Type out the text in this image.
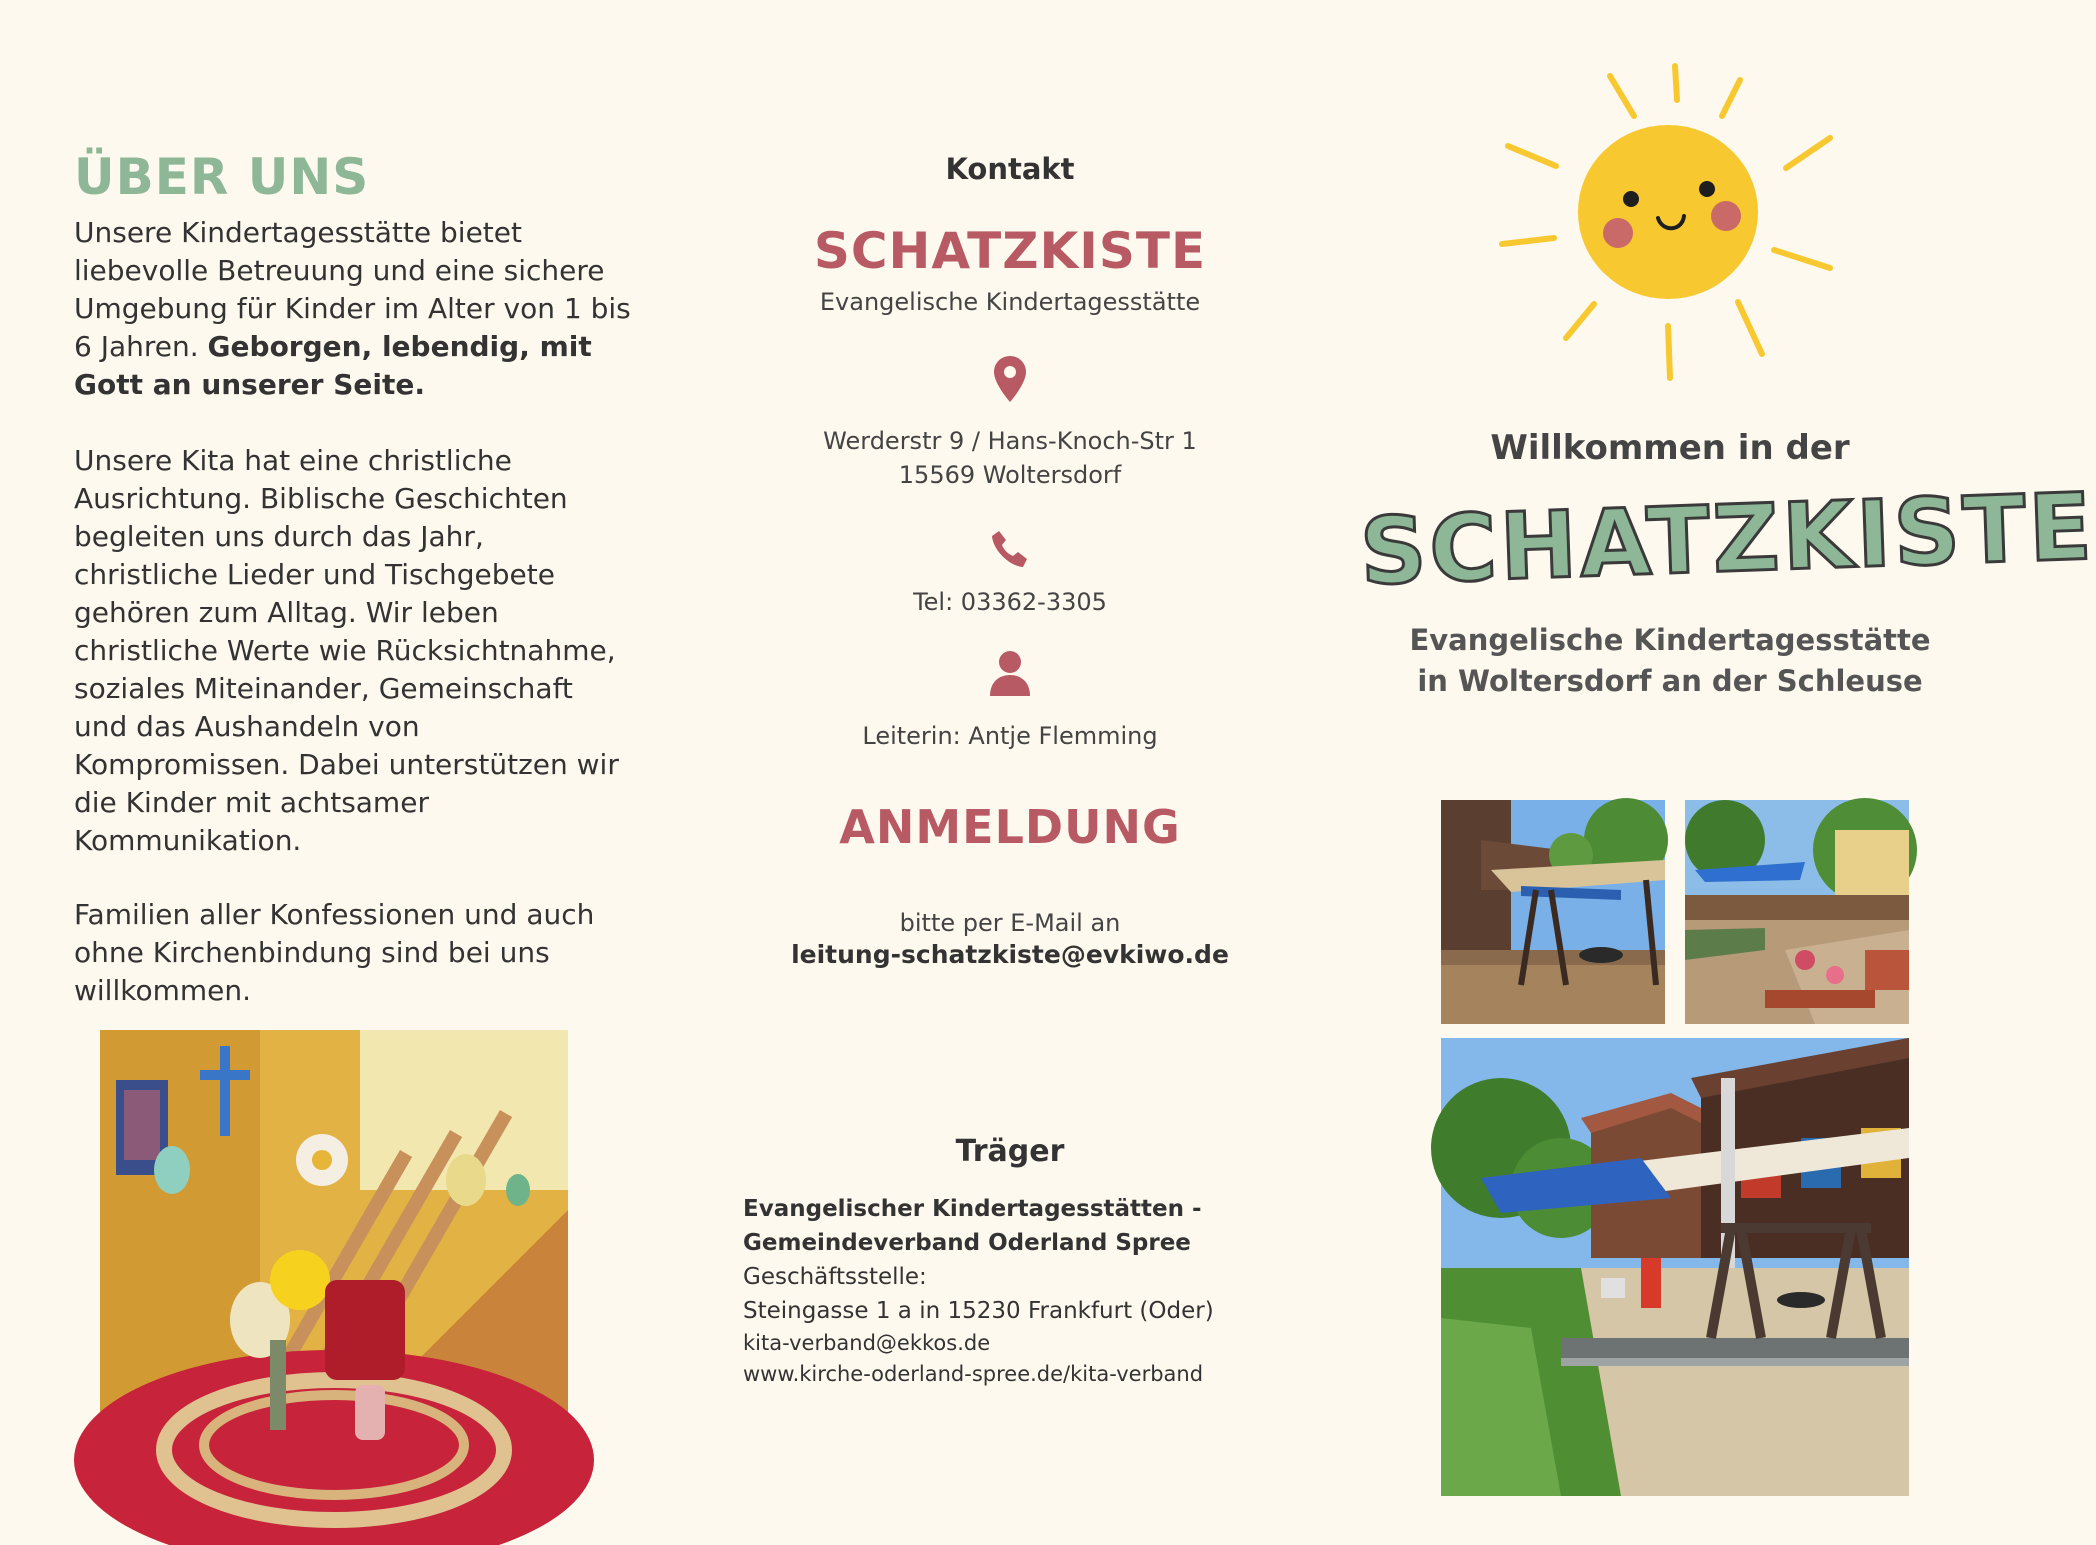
ÜBER UNS

Unsere Kindertagesstätte bietet liebevolle Betreuung und eine sichere Umgebung für Kinder im Alter von 1 bis 6 Jahren. Geborgen, lebendig, mit Gott an unserer Seite.

Unsere Kita hat eine christliche Ausrichtung. Biblische Geschichten begleiten uns durch das Jahr, christliche Lieder und Tischgebete gehören zum Alltag. Wir leben christliche Werte wie Rücksichtnahme, soziales Miteinander, Gemeinschaft und das Aushandeln von Kompromissen. Dabei unterstützen wir die Kinder mit achtsamer Kommunikation.

Familien aller Konfessionen und auch ohne Kirchenbindung sind bei uns willkommen.

Kontakt
SCHATZKISTE
Evangelische Kindertagesstätte
Werderstr 9 / Hans-Knoch-Str 1
15569 Woltersdorf
Tel: 03362-3305
Leiterin: Antje Flemming
ANMELDUNG
bitte per E-Mail an
leitung-schatzkiste@evkiwo.de
Träger
Evangelischer Kindertagesstätten -
Gemeindeverband Oderland Spree
Geschäftsstelle:
Steingasse 1 a in 15230 Frankfurt (Oder)
kita-verband@ekkos.de
www.kirche-oderland-spree.de/kita-verband
Willkommen in der
SCHATZKISTE
Evangelische Kindertagesstätte
in Woltersdorf an der Schleuse
